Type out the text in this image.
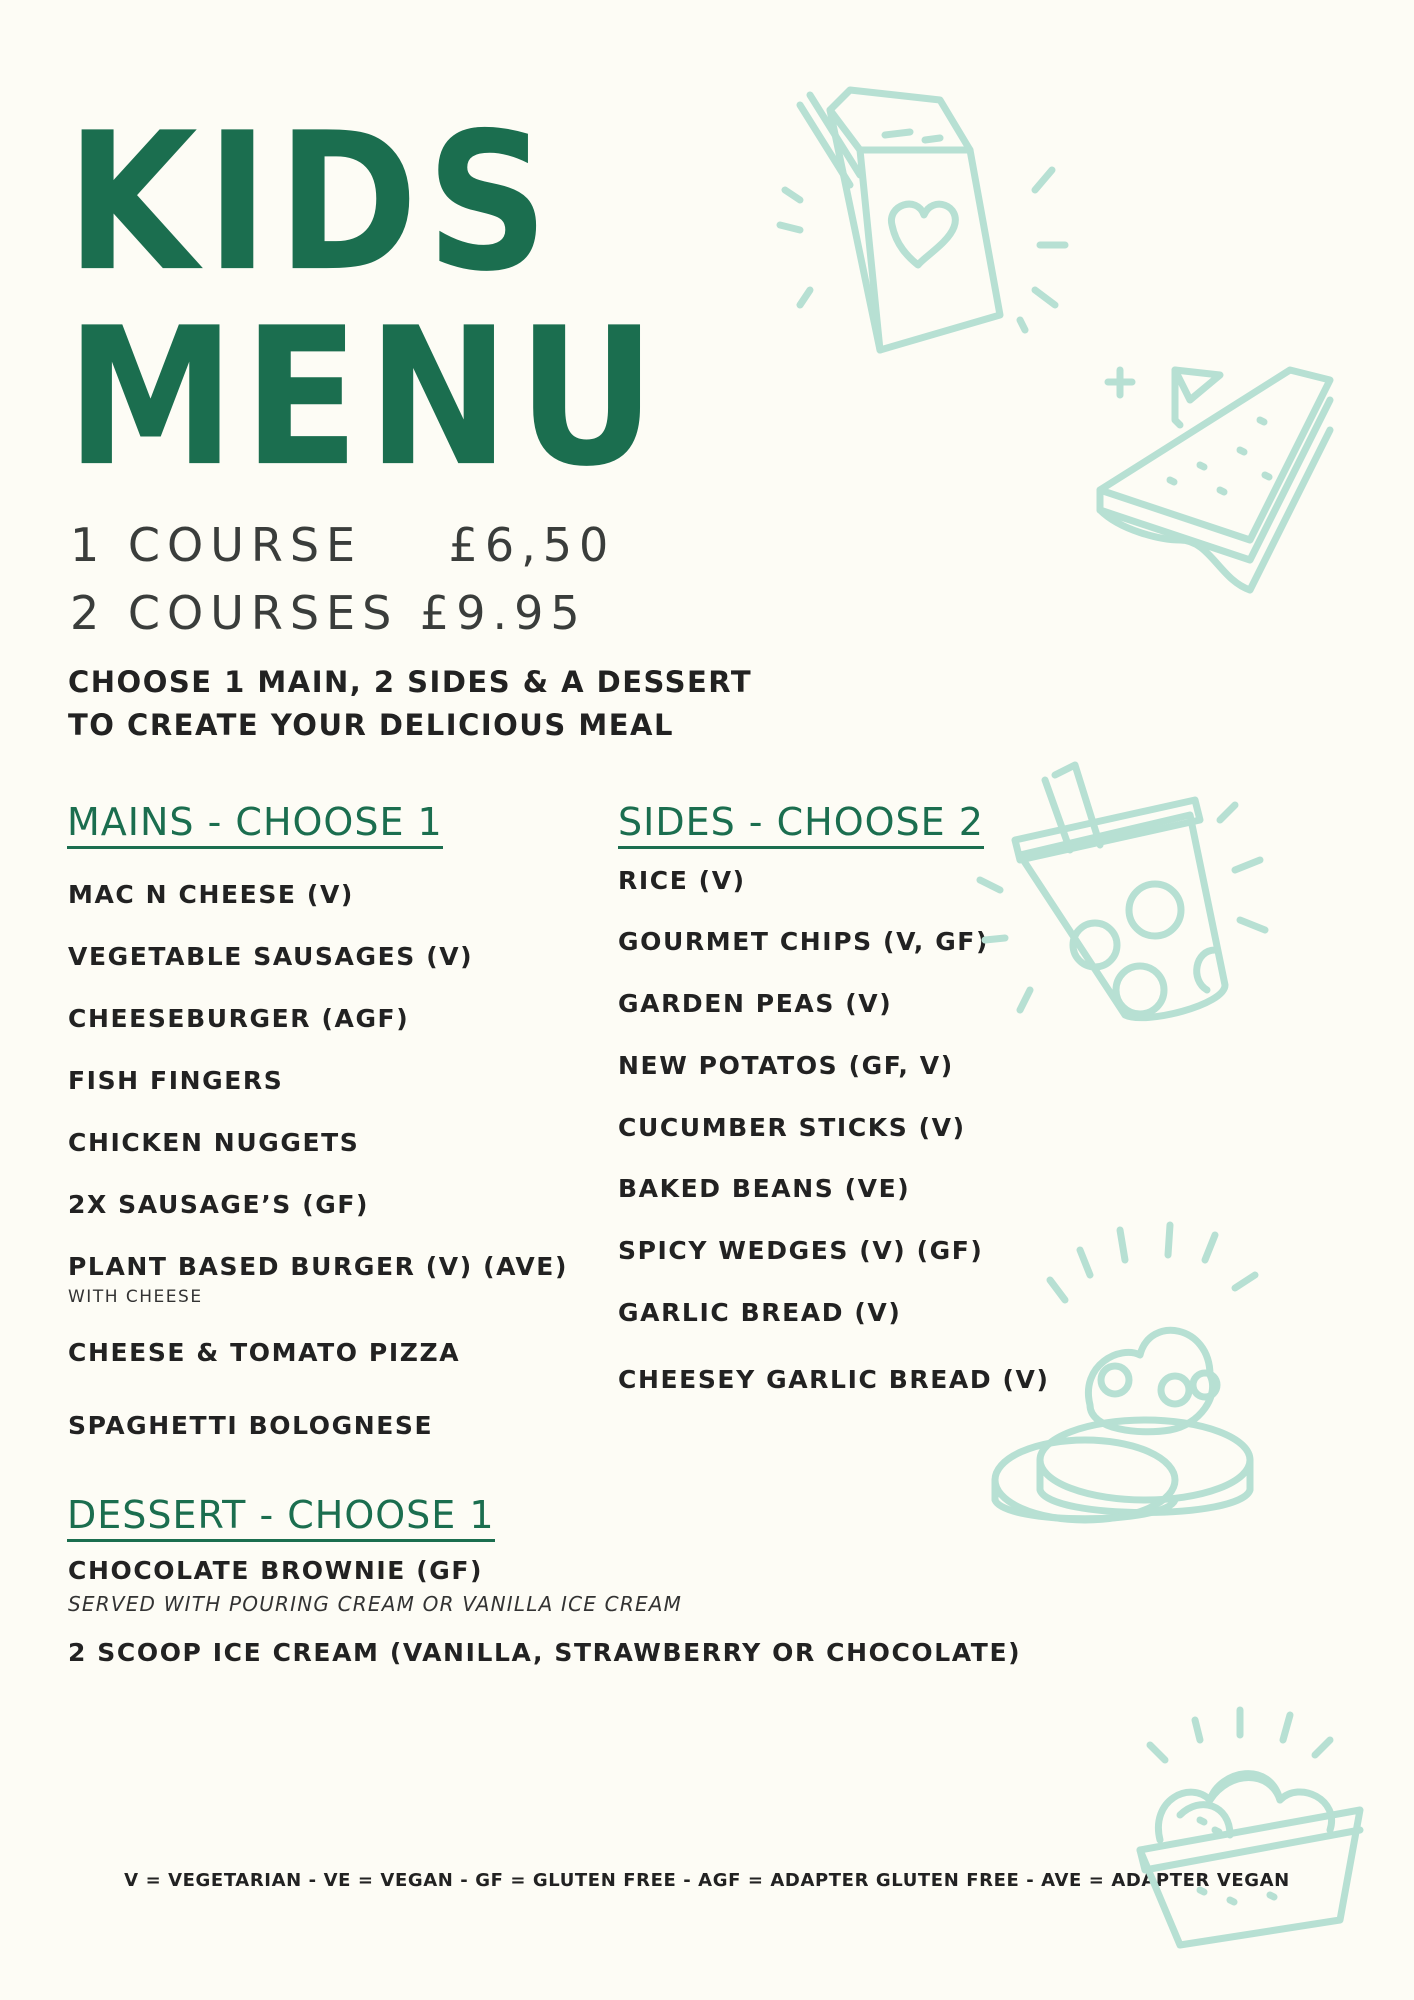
KIDS
MENU
1 COURSE    £6,50
2 COURSES £9.95
CHOOSE 1 MAIN, 2 SIDES & A DESSERT
TO CREATE YOUR DELICIOUS MEAL
MAINS - CHOOSE 1
MAC N CHEESE (V)
VEGETABLE SAUSAGES (V)
CHEESEBURGER (AGF)
FISH FINGERS
CHICKEN NUGGETS
2X SAUSAGE’S (GF)
PLANT BASED BURGER (V) (AVE)
WITH CHEESE
CHEESE & TOMATO PIZZA
SPAGHETTI BOLOGNESE
SIDES - CHOOSE 2
RICE (V)
GOURMET CHIPS (V, GF)
GARDEN PEAS (V)
NEW POTATOS (GF, V)
CUCUMBER STICKS (V)
BAKED BEANS (VE)
SPICY WEDGES (V) (GF)
GARLIC BREAD (V)
CHEESEY GARLIC BREAD (V)
DESSERT - CHOOSE 1
CHOCOLATE BROWNIE (GF)
SERVED WITH POURING CREAM OR VANILLA ICE CREAM
2 SCOOP ICE CREAM (VANILLA, STRAWBERRY OR CHOCOLATE)
V = VEGETARIAN - VE = VEGAN - GF = GLUTEN FREE - AGF = ADAPTER GLUTEN FREE - AVE = ADAPTER VEGAN
